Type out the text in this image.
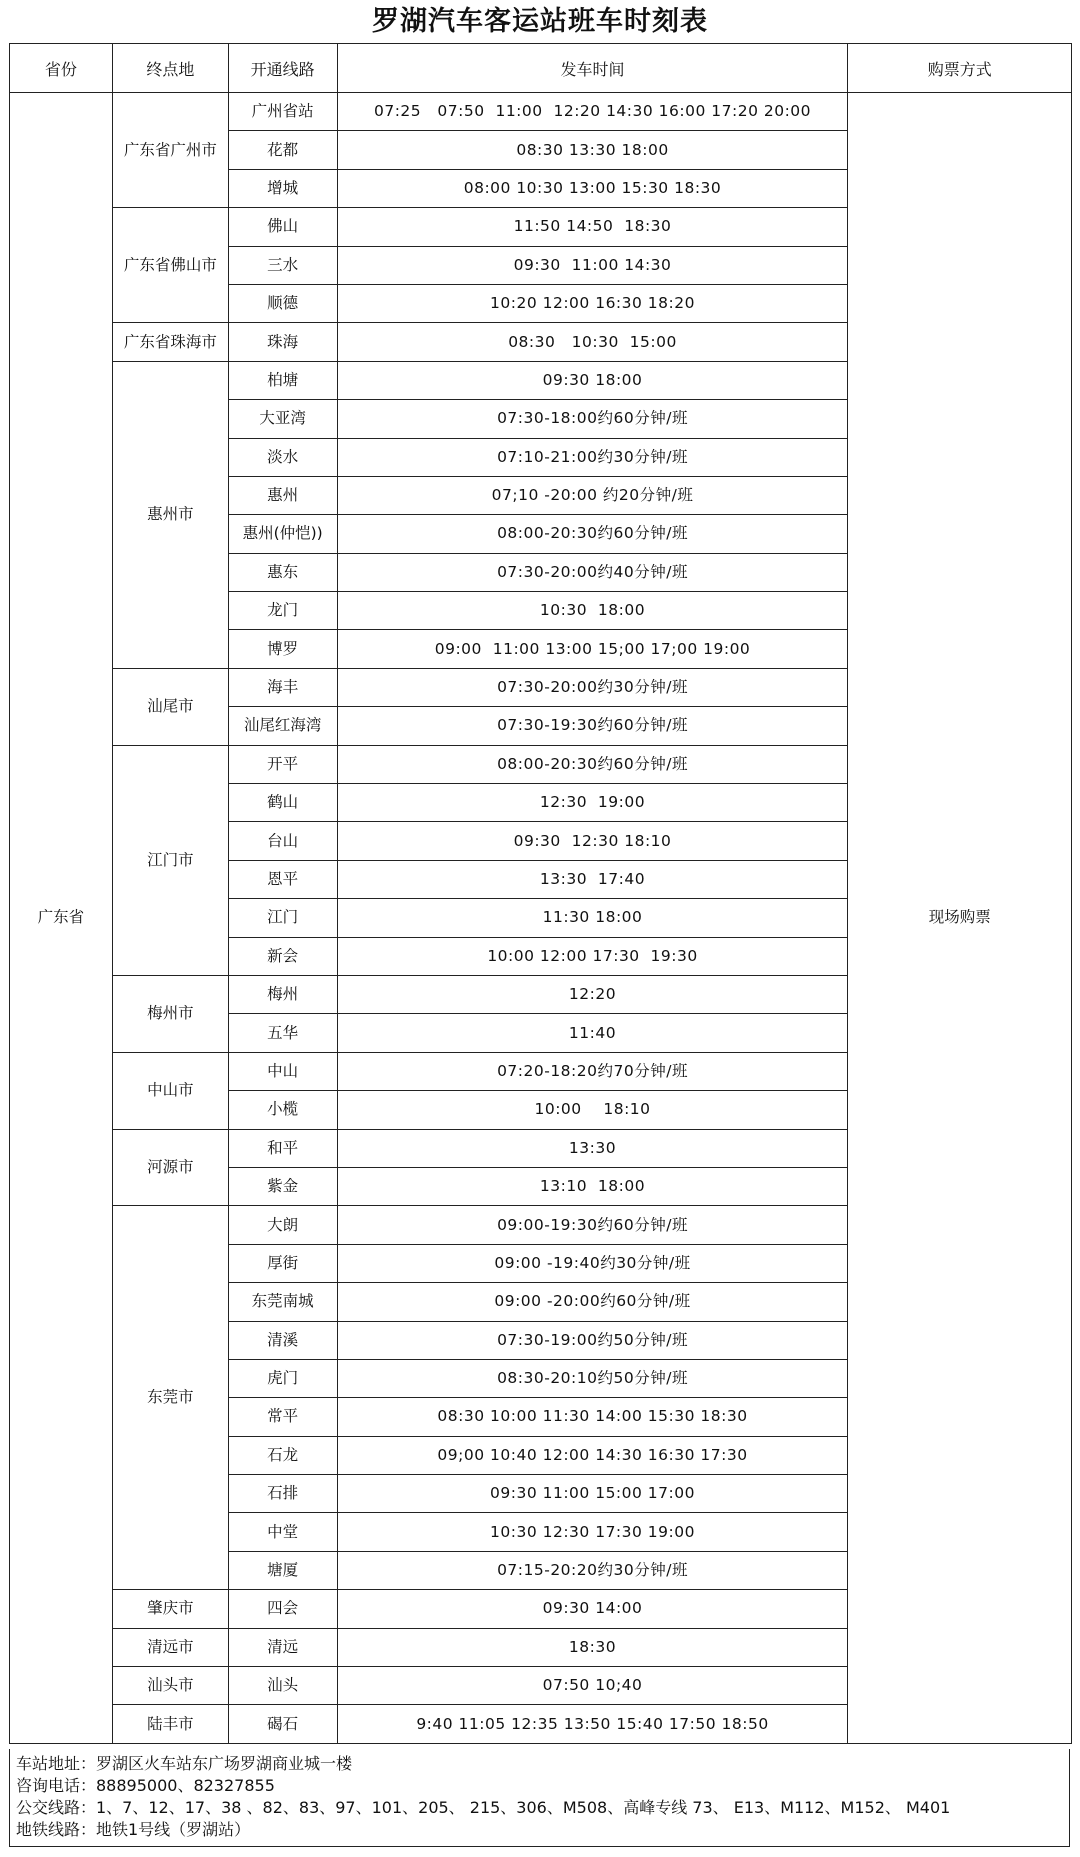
罗湖汽车客运站班车时刻表
省份	终点地	开通线路	发车时间	购票方式
广东省	广东省广州市	广州省站	07:25   07:50  11:00  12:20 14:30 16:00 17:20 20:00	现场购票
		花都	08:30 13:30 18:00	
		增城	08:00 10:30 13:00 15:30 18:30	
	广东省佛山市	佛山	11:50 14:50  18:30	
		三水	09:30  11:00 14:30	
		顺德	10:20 12:00 16:30 18:20	
	广东省珠海市	珠海	08:30   10:30  15:00	
	惠州市	柏塘	09:30 18:00	
		大亚湾	07:30-18:00约60分钟/班	
		淡水	07:10-21:00约30分钟/班	
		惠州	07;10 -20:00 约20分钟/班	
		惠州(仲恺))	08:00-20:30约60分钟/班	
		惠东	07:30-20:00约40分钟/班	
		龙门	10:30  18:00	
		博罗	09:00  11:00 13:00 15;00 17;00 19:00	
	汕尾市	海丰	07:30-20:00约30分钟/班	
		汕尾红海湾	07:30-19:30约60分钟/班	
	江门市	开平	08:00-20:30约60分钟/班	
		鹤山	12:30  19:00	
		台山	09:30  12:30 18:10	
		恩平	13:30  17:40	
		江门	11:30 18:00	
		新会	10:00 12:00 17:30  19:30	
	梅州市	梅州	12:20	
		五华	11:40	
	中山市	中山	07:20-18:20约70分钟/班	
		小榄	10:00    18:10	
	河源市	和平	13:30	
		紫金	13:10  18:00	
	东莞市	大朗	09:00-19:30约60分钟/班	
		厚街	09:00 -19:40约30分钟/班	
		东莞南城	09:00 -20:00约60分钟/班	
		清溪	07:30-19:00约50分钟/班	
		虎门	08:30-20:10约50分钟/班	
		常平	08:30 10:00 11:30 14:00 15:30 18:30	
		石龙	09;00 10:40 12:00 14:30 16:30 17:30	
		石排	09:30 11:00 15:00 17:00	
		中堂	10:30 12:30 17:30 19:00	
		塘厦	07:15-20:20约30分钟/班	
	肇庆市	四会	09:30 14:00	
	清远市	清远	18:30	
	汕头市	汕头	07:50 10;40	
	陆丰市	碣石	9:40 11:05 12:35 13:50 15:40 17:50 18:50	
车站地址：罗湖区火车站东广场罗湖商业城一楼
咨询电话：88895000、82327855
公交线路：1、7、12、17、38 、82、83、97、101、205、 215、306、M508、高峰专线 73、 E13、M112、M152、 M401
地铁线路：地铁1号线（罗湖站）
